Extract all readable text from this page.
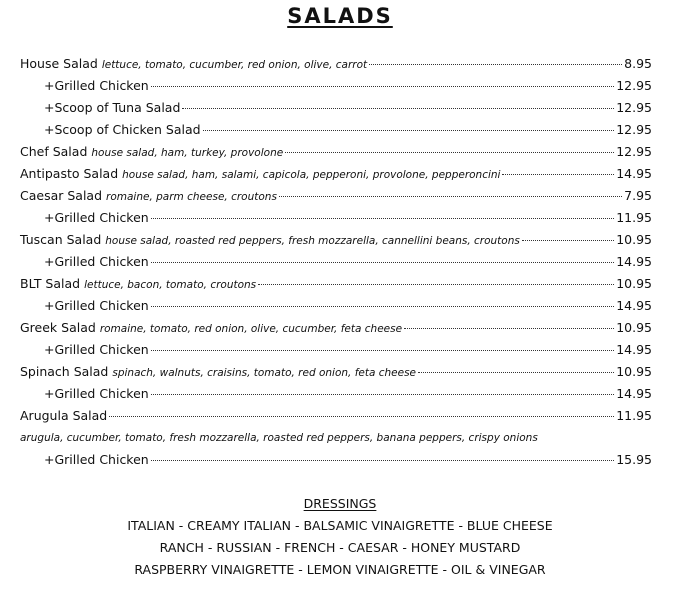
SALADS
House Salad lettuce, tomato, cucumber, red onion, olive, carrot	8.95
+Grilled Chicken	12.95
+Scoop of Tuna Salad	12.95
+Scoop of Chicken Salad	12.95
Chef Salad house salad, ham, turkey, provolone	12.95
Antipasto Salad house salad, ham, salami, capicola, pepperoni, provolone, pepperoncini	14.95
Caesar Salad romaine, parm cheese, croutons	7.95
+Grilled Chicken	11.95
Tuscan Salad house salad, roasted red peppers, fresh mozzarella, cannellini beans, croutons	10.95
+Grilled Chicken	14.95
BLT Salad lettuce, bacon, tomato, croutons	10.95
+Grilled Chicken	14.95
Greek Salad romaine, tomato, red onion, olive, cucumber, feta cheese	10.95
+Grilled Chicken	14.95
Spinach Salad spinach, walnuts, craisins, tomato, red onion, feta cheese	10.95
+Grilled Chicken	14.95
Arugula Salad	11.95
arugula, cucumber, tomato, fresh mozzarella, roasted red peppers, banana peppers, crispy onions
+Grilled Chicken	15.95
DRESSINGS
ITALIAN - CREAMY ITALIAN - BALSAMIC VINAIGRETTE - BLUE CHEESE
RANCH - RUSSIAN - FRENCH - CAESAR - HONEY MUSTARD
RASPBERRY VINAIGRETTE - LEMON VINAIGRETTE - OIL & VINEGAR
